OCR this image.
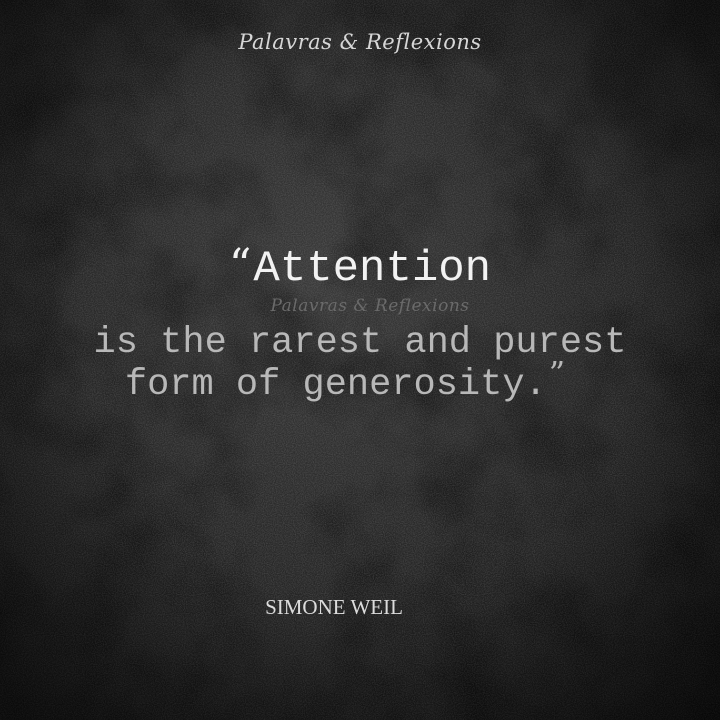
Palavras & Reflexions
“Attention
Palavras & Reflexions
is the rarest and purest
form of generosity.”
SIMONE WEIL
